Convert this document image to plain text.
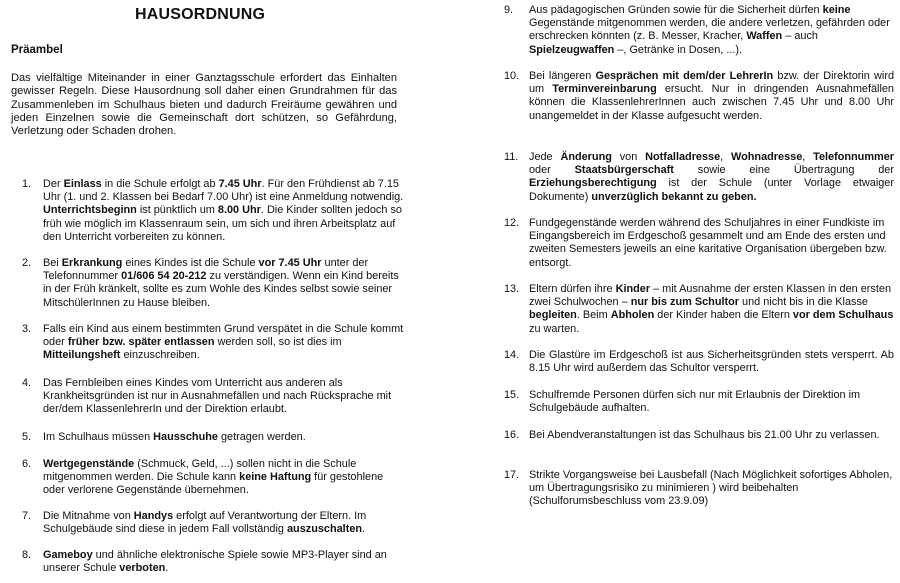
HAUSORDNUNG
Präambel
Das vielfältige Miteinander in einer Ganztagsschule erfordert das Einhalten gewisser Regeln. Diese Hausordnung soll daher einen Grundrahmen für das Zusammenleben im Schulhaus bieten und dadurch Freiräume gewähren und jeden Einzelnen sowie die Gemeinschaft dort schützen, so Gefährdung, Verletzung oder Schaden drohen.
1. Der Einlass in die Schule erfolgt ab 7.45 Uhr. Für den Frühdienst ab 7.15 Uhr (1. und 2. Klassen bei Bedarf 7.00 Uhr) ist eine Anmeldung notwendig. Unterrichtsbeginn ist pünktlich um 8.00 Uhr. Die Kinder sollten jedoch so früh wie möglich im Klassenraum sein, um sich und ihren Arbeitsplatz auf den Unterricht vorbereiten zu können.
2. Bei Erkrankung eines Kindes ist die Schule vor 7.45 Uhr unter der Telefonnummer 01/606 54 20-212 zu verständigen. Wenn ein Kind bereits in der Früh kränkelt, sollte es zum Wohle des Kindes selbst sowie seiner MitschülerInnen zu Hause bleiben.
3. Falls ein Kind aus einem bestimmten Grund verspätet in die Schule kommt oder früher bzw. später entlassen werden soll, so ist dies im Mitteilungsheft einzuschreiben.
4. Das Fernbleiben eines Kindes vom Unterricht aus anderen als Krankheitsgründen ist nur in Ausnahmefällen und nach Rücksprache mit der/dem KlassenlehrerIn und der Direktion erlaubt.
5. Im Schulhaus müssen Hausschuhe getragen werden.
6. Wertgegenstände (Schmuck, Geld, ...) sollen nicht in die Schule mitgenommen werden. Die Schule kann keine Haftung für gestohlene oder verlorene Gegenstände übernehmen.
7. Die Mitnahme von Handys erfolgt auf Verantwortung der Eltern. Im Schulgebäude sind diese in jedem Fall vollständig auszuschalten.
8. Gameboy und ähnliche elektronische Spiele sowie MP3-Player sind an unserer Schule verboten.
9. Aus pädagogischen Gründen sowie für die Sicherheit dürfen keine Gegenstände mitgenommen werden, die andere verletzen, gefährden oder erschrecken könnten (z. B. Messer, Kracher, Waffen – auch Spielzeugwaffen –, Getränke in Dosen, ...).
10. Bei längeren Gesprächen mit dem/der LehrerIn bzw. der Direktorin wird um Terminvereinbarung ersucht. Nur in dringenden Ausnahmefällen können die KlassenlehrerInnen auch zwischen 7.45 Uhr und 8.00 Uhr unangemeldet in der Klasse aufgesucht werden.
11. Jede Änderung von Notfalladresse, Wohnadresse, Telefonnummer oder Staatsbürgerschaft sowie eine Übertragung der Erziehungsberechtigung ist der Schule (unter Vorlage etwaiger Dokumente) unverzüglich bekannt zu geben.
12. Fundgegenstände werden während des Schuljahres in einer Fundkiste im Eingangsbereich im Erdgeschoß gesammelt und am Ende des ersten und zweiten Semesters jeweils an eine karitative Organisation übergeben bzw. entsorgt.
13. Eltern dürfen ihre Kinder – mit Ausnahme der ersten Klassen in den ersten zwei Schulwochen – nur bis zum Schultor und nicht bis in die Klasse begleiten. Beim Abholen der Kinder haben die Eltern vor dem Schulhaus zu warten.
14. Die Glastüre im Erdgeschoß ist aus Sicherheitsgründen stets versperrt. Ab 8.15 Uhr wird außerdem das Schultor versperrt.
15. Schulfremde Personen dürfen sich nur mit Erlaubnis der Direktion im Schulgebäude aufhalten.
16. Bei Abendveranstaltungen ist das Schulhaus bis 21.00 Uhr zu verlassen.
17. Strikte Vorgangsweise bei Lausbefall (Nach Möglichkeit sofortiges Abholen, um Übertragungsrisiko zu minimieren ) wird beibehalten (Schulforumsbeschluss vom 23.9.09)
